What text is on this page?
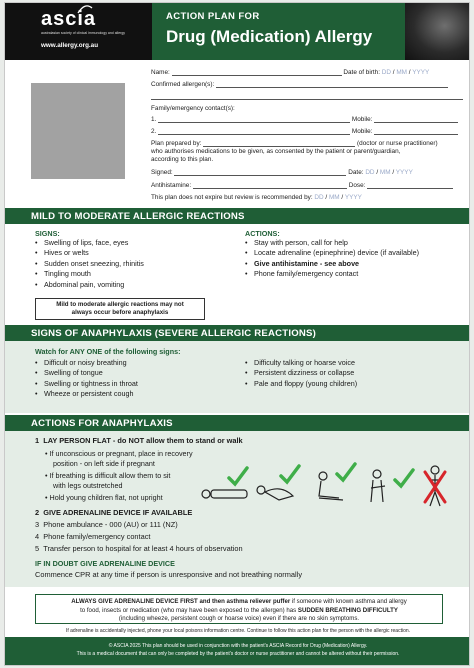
ascia
australasian society of clinical immunology and allergy
www.allergy.org.au
ACTION PLAN FOR
Drug (Medication) Allergy
Name:	Date of birth: DD / MM / YYYY
Confirmed allergen(s):
Family/emergency contact(s):
1.	Mobile:
2.	Mobile:
Plan prepared by:	(doctor or nurse practitioner)
who authorises medications to be given, as consented by the patient or parent/guardian,
according to this plan.
Signed:	Date: DD / MM / YYYY
Antihistamine:	Dose:
This plan does not expire but review is recommended by: DD / MM / YYYY
MILD TO MODERATE ALLERGIC REACTIONS
SIGNS:
• Swelling of lips, face, eyes
• Hives or welts
• Sudden onset sneezing, rhinitis
• Tingling mouth
• Abdominal pain, vomiting
ACTIONS:
• Stay with person, call for help
• Locate adrenaline (epinephrine) device (if available)
• Give antihistamine - see above
• Phone family/emergency contact
Mild to moderate allergic reactions may not
always occur before anaphylaxis
SIGNS OF ANAPHYLAXIS (SEVERE ALLERGIC REACTIONS)
Watch for ANY ONE of the following signs:
• Difficult or noisy breathing
• Swelling of tongue
• Swelling or tightness in throat
• Wheeze or persistent cough
• Difficulty talking or hoarse voice
• Persistent dizziness or collapse
• Pale and floppy (young children)
ACTIONS FOR ANAPHYLAXIS
1 LAY PERSON FLAT - do NOT allow them to stand or walk
• If unconscious or pregnant, place in recovery
position - on left side if pregnant
• If breathing is difficult allow them to sit
with legs outstretched
• Hold young children flat, not upright
2 GIVE ADRENALINE DEVICE IF AVAILABLE
3 Phone ambulance - 000 (AU) or 111 (NZ)
4 Phone family/emergency contact
5 Transfer person to hospital for at least 4 hours of observation
IF IN DOUBT GIVE ADRENALINE DEVICE
Commence CPR at any time if person is unresponsive and not breathing normally
ALWAYS GIVE ADRENALINE DEVICE FIRST and then asthma reliever puffer if someone with known asthma and allergy
to food, insects or medication (who may have been exposed to the allergen) has SUDDEN BREATHING DIFFICULTY
(including wheeze, persistent cough or hoarse voice) even if there are no skin symptoms.
If adrenaline is accidentally injected, phone your local poisons information centre. Continue to follow this action plan for the person with the allergic reaction.
© ASCIA 2025 This plan should be used in conjunction with the patient's ASCIA Record for Drug (Medication) Allergy.
This is a medical document that can only be completed by the patient's doctor or nurse practitioner and cannot be altered without their permission.
